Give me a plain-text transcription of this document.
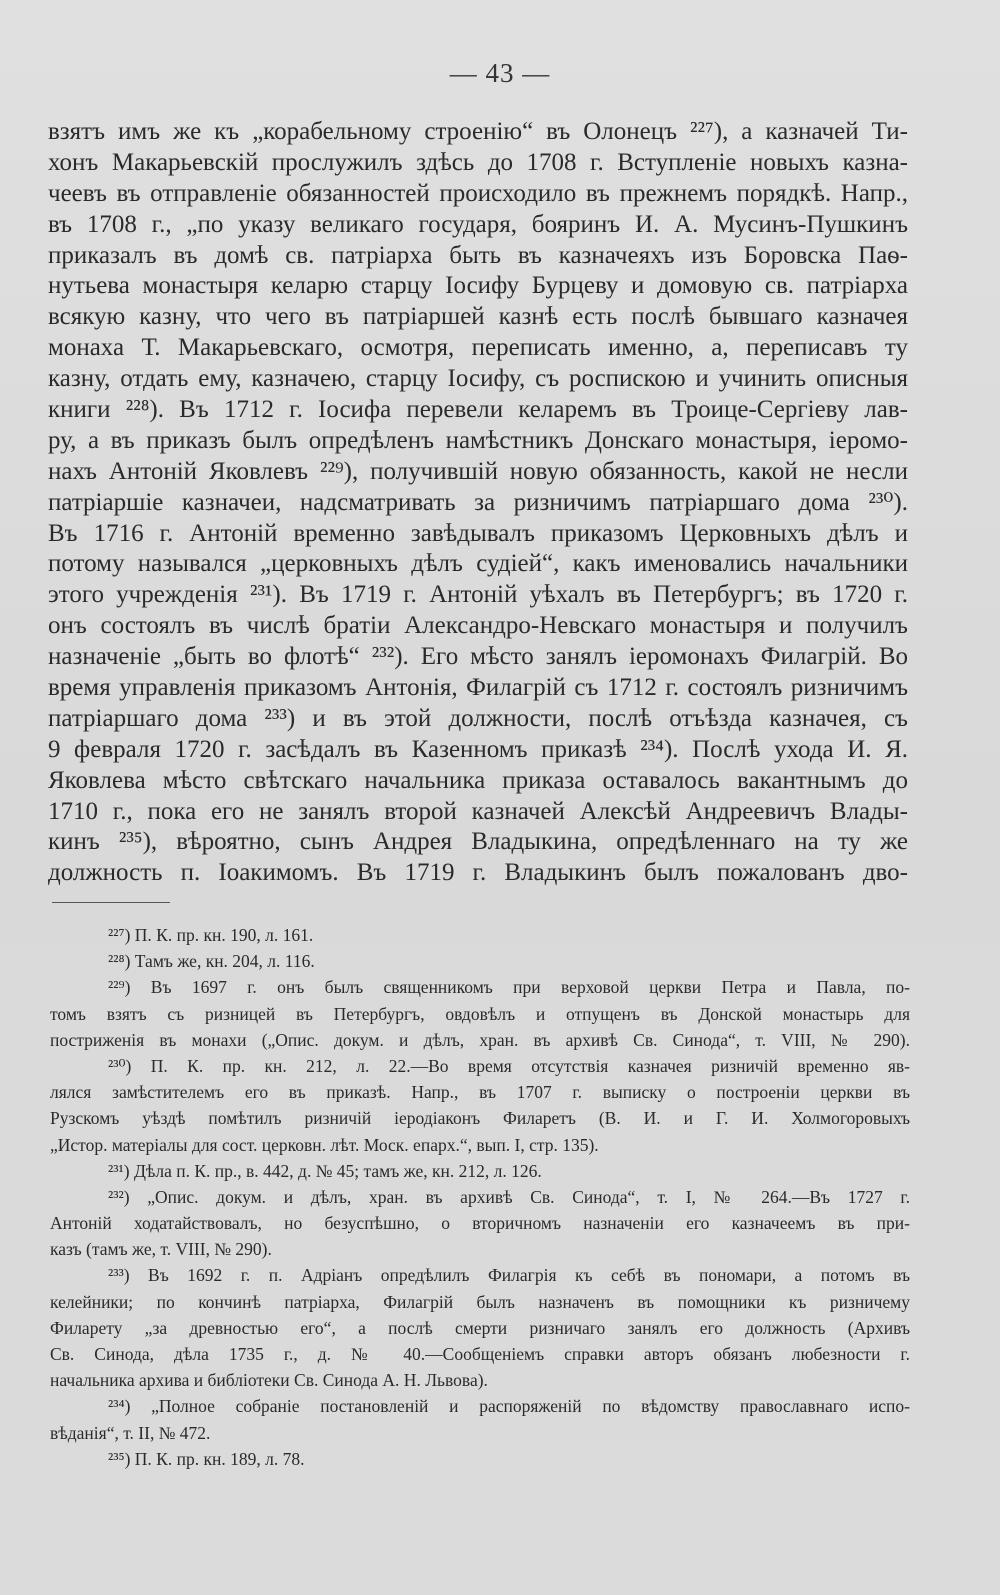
— 43 —
взятъ имъ же къ „корабельному строенію“ въ Олонецъ ²²⁷), а казначей Ти-
хонъ Макарьевскій прослужилъ здѣсь до 1708 г. Вступленіе новыхъ казна-
чеевъ въ отправленіе обязанностей происходило въ прежнемъ порядкѣ. Напр.,
въ 1708 г., „по указу великаго государя, бояринъ И. А. Мусинъ-Пушкинъ
приказалъ въ домѣ св. патріарха быть въ казначеяхъ изъ Боровска Паѳ-
нутьева монастыря келарю старцу Іосифу Бурцеву и домовую св. патріарха
всякую казну, что чего въ патріаршей казнѣ есть послѣ бывшаго казначея
монаха Т. Макарьевскаго, осмотря, переписать именно, а, переписавъ ту
казну, отдать ему, казначею, старцу Іосифу, съ роспискою и учинить описныя
книги ²²⁸). Въ 1712 г. Іосифа перевели келаремъ въ Троице-Сергіеву лав-
ру, а въ приказъ былъ опредѣленъ намѣстникъ Донскаго монастыря, іеромо-
нахъ Антоній Яковлевъ ²²⁹), получившій новую обязанность, какой не несли
патріаршіе казначеи, надсматривать за ризничимъ патріаршаго дома ²³⁰).
Въ 1716 г. Антоній временно завѣдывалъ приказомъ Церковныхъ дѣлъ и
потому назывался „церковныхъ дѣлъ судіей“, какъ именовались начальники
этого учрежденія ²³¹). Въ 1719 г. Антоній уѣхалъ въ Петербургъ; въ 1720 г.
онъ состоялъ въ числѣ братіи Александро-Невскаго монастыря и получилъ
назначеніе „быть во флотѣ“ ²³²). Его мѣсто занялъ іеромонахъ Филагрій. Во
время управленія приказомъ Антонія, Филагрій съ 1712 г. состоялъ ризничимъ
патріаршаго дома ²³³) и въ этой должности, послѣ отъѣзда казначея, съ
9 февраля 1720 г. засѣдалъ въ Казенномъ приказѣ ²³⁴). Послѣ ухода И. Я.
Яковлева мѣсто свѣтскаго начальника приказа оставалось вакантнымъ до
1710 г., пока его не занялъ второй казначей Алексѣй Андреевичъ Влады-
кинъ ²³⁵), вѣроятно, сынъ Андрея Владыкина, опредѣленнаго на ту же
должность п. Іоакимомъ. Въ 1719 г. Владыкинъ былъ пожалованъ дво-
²²⁷) П. К. пр. кн. 190, л. 161.
²²⁸) Тамъ же, кн. 204, л. 116.
²²⁹) Въ 1697 г. онъ былъ священникомъ при верховой церкви Петра и Павла, по-
томъ взятъ съ ризницей въ Петербургъ, овдовѣлъ и отпущенъ въ Донской монастырь для
постриженія въ монахи („Опис. докум. и дѣлъ, хран. въ архивѣ Св. Синода“, т. VIII, № 290).
²³⁰) П. К. пр. кн. 212, л. 22.—Во время отсутствія казначея ризничій временно яв-
лялся замѣстителемъ его въ приказѣ. Напр., въ 1707 г. выписку о построеніи церкви въ
Рузскомъ уѣздѣ помѣтилъ ризничій іеродіаконъ Филаретъ (В. И. и Г. И. Холмогоровыхъ
„Истор. матеріалы для сост. церковн. лѣт. Моск. епарх.“, вып. I, стр. 135).
²³¹) Дѣла п. К. пр., в. 442, д. № 45; тамъ же, кн. 212, л. 126.
²³²) „Опис. докум. и дѣлъ, хран. въ архивѣ Св. Синода“, т. I, № 264.—Въ 1727 г.
Антоній ходатайствовалъ, но безуспѣшно, о вторичномъ назначеніи его казначеемъ въ при-
казъ (тамъ же, т. VIII, № 290).
²³³) Въ 1692 г. п. Адріанъ опредѣлилъ Филагрія къ себѣ въ пономари, а потомъ въ
келейники; по кончинѣ патріарха, Филагрій былъ назначенъ въ помощники къ ризничему
Филарету „за древностью его“, а послѣ смерти ризничаго занялъ его должность (Архивъ
Св. Синода, дѣла 1735 г., д. № 40.—Сообщеніемъ справки авторъ обязанъ любезности г.
начальника архива и библіотеки Св. Синода А. Н. Львова).
²³⁴) „Полное собраніе постановленій и распоряженій по вѣдомству православнаго испо-
вѣданія“, т. II, № 472.
²³⁵) П. К. пр. кн. 189, л. 78.
